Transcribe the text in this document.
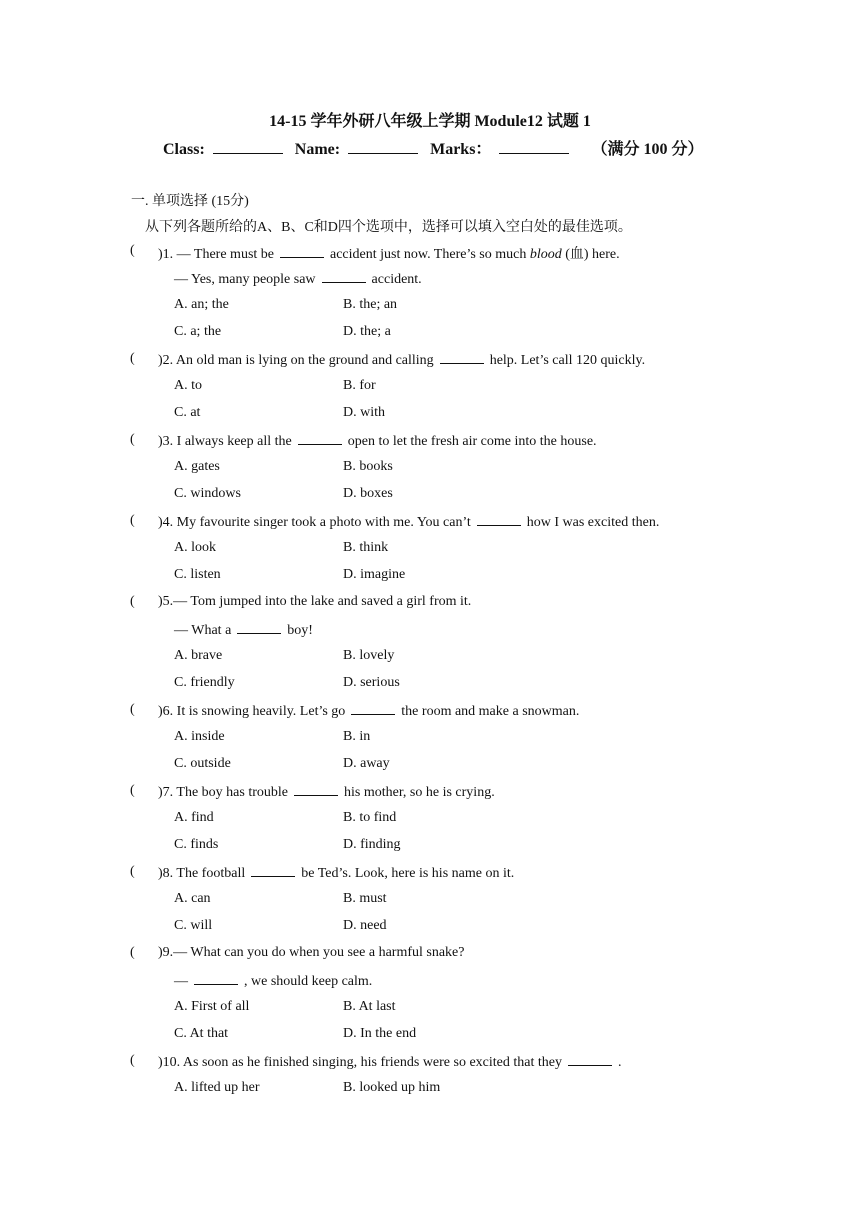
14-15 学年外研八年级上学期 Module12 试题 1
Class:	Name:	Marks：	（满分 100 分）
一. 单项选择 (15分)
从下列各题所给的A、B、C和D四个选项中，选择可以填入空白处的最佳选项。
( )1. — There must be	accident just now. There’s so much blood (血) here.
— Yes, many people saw	accident.
A. an; the	B. the; an
C. a; the	D. the; a
( )2. An old man is lying on the ground and calling	help. Let’s call 120 quickly.
A. to	B. for
C. at	D. with
( )3. I always keep all the	open to let the fresh air come into the house.
A. gates	B. books
C. windows	D. boxes
( )4. My favourite singer took a photo with me. You can’t	how I was excited then.
A. look	B. think
C. listen	D. imagine
( )5.— Tom jumped into the lake and saved a girl from it.
— What a	boy!
A. brave	B. lovely
C. friendly	D. serious
( )6. It is snowing heavily. Let’s go	the room and make a snowman.
A. inside	B. in
C. outside	D. away
( )7. The boy has trouble	his mother, so he is crying.
A. find	B. to find
C. finds	D. finding
( )8. The football	be Ted’s. Look, here is his name on it.
A. can	B. must
C. will	D. need
( )9.— What can you do when you see a harmful snake?
—	, we should keep calm.
A. First of all	B. At last
C. At that	D. In the end
( )10. As soon as he finished singing, his friends were so excited that they	.
A. lifted up her	B. looked up him
